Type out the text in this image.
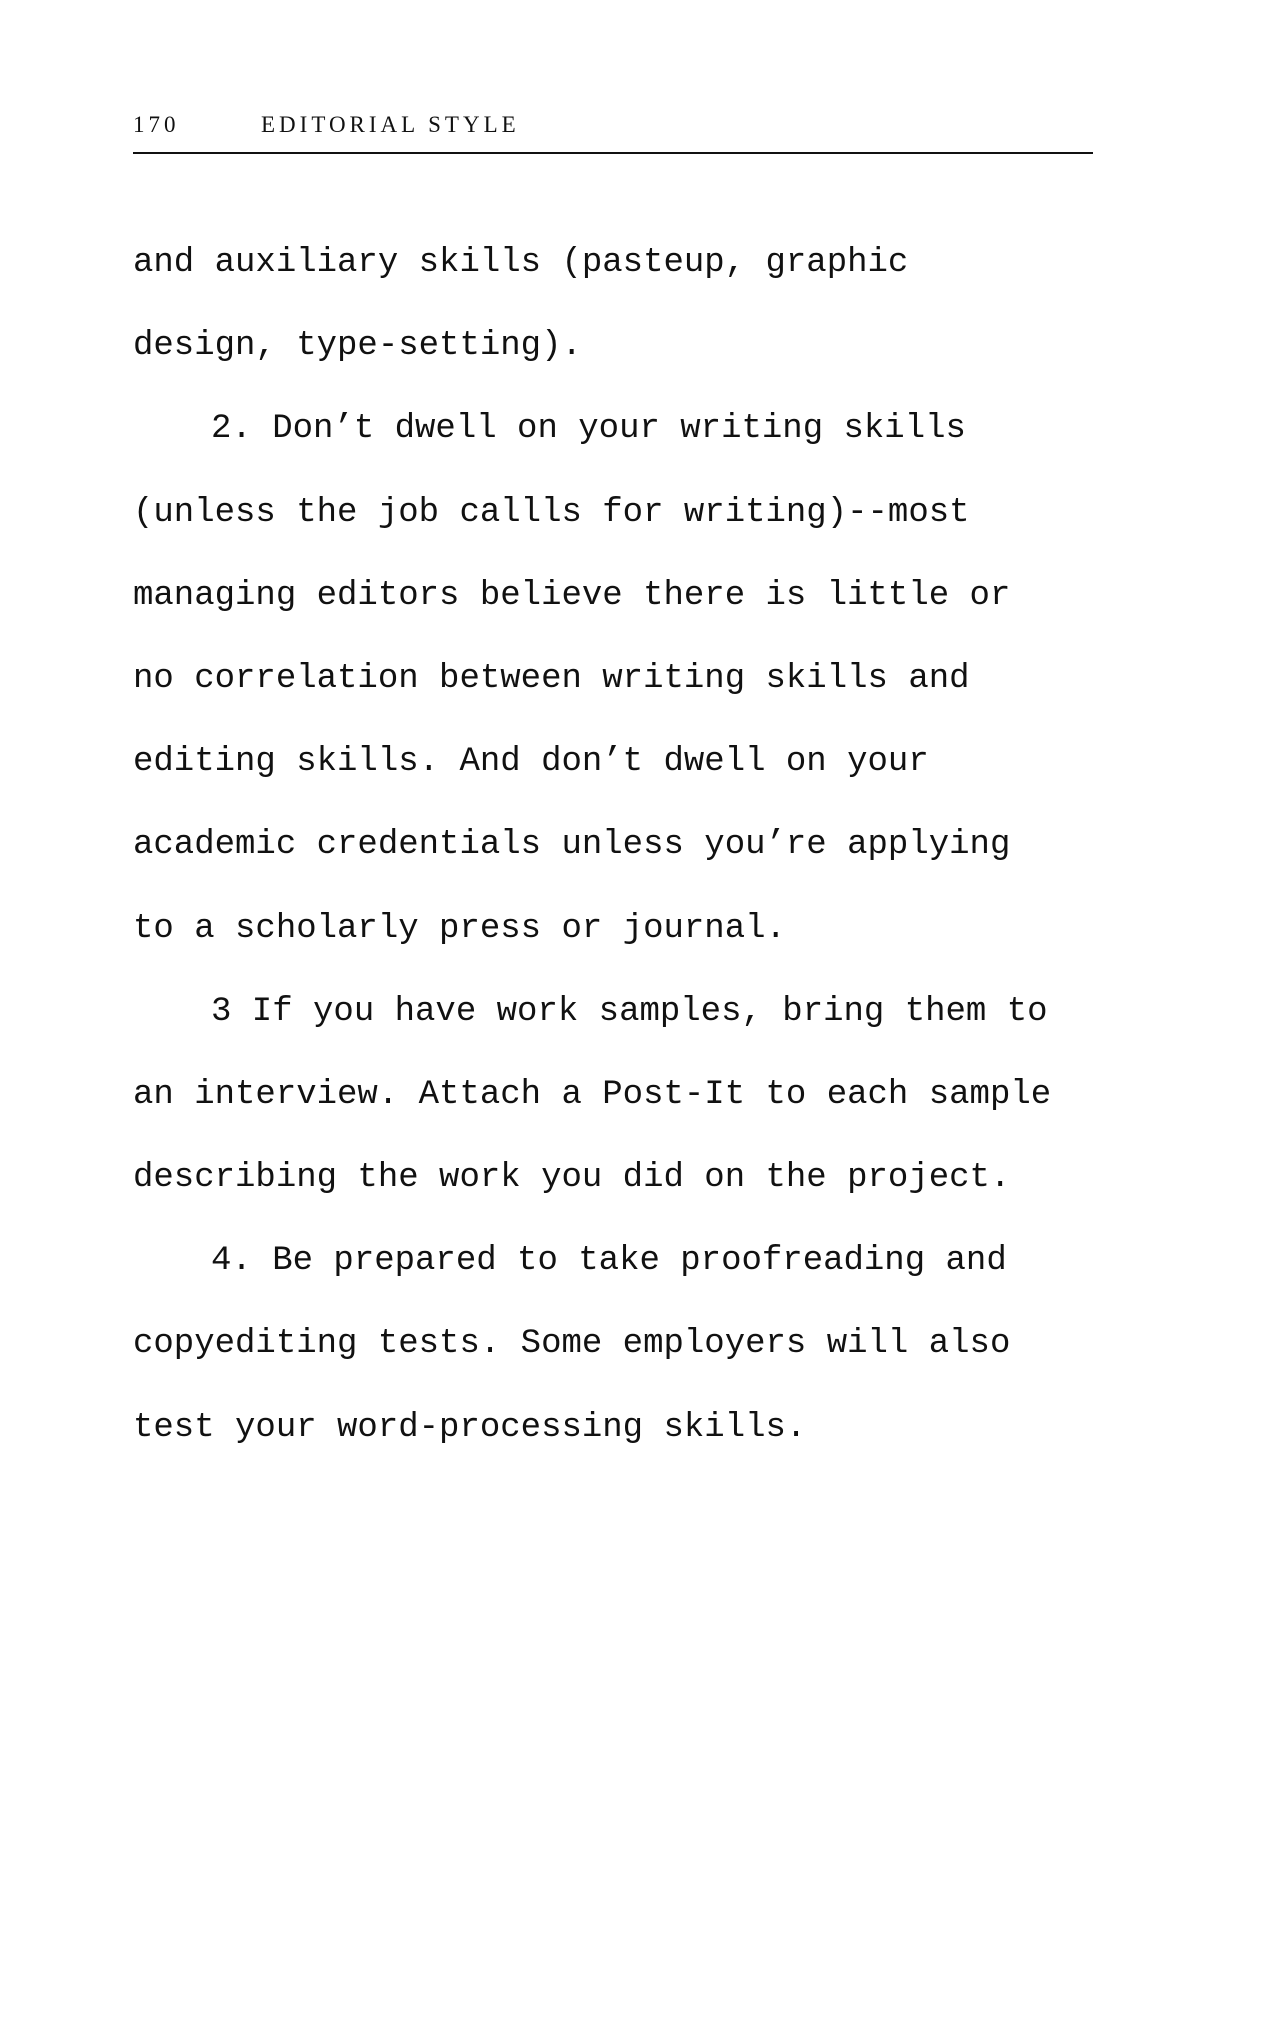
170	EDITORIAL STYLE
and auxiliary skills (pasteup, graphic
design, type-setting).
2. Don’t dwell on your writing skills
(unless the job callls for writing)--most
managing editors believe there is little or
no correlation between writing skills and
editing skills. And don’t dwell on your
academic credentials unless you’re applying
to a scholarly press or journal.
3 If you have work samples, bring them to
an interview. Attach a Post-It to each sample
describing the work you did on the project.
4. Be prepared to take proofreading and
copyediting tests. Some employers will also
test your word-processing skills.
